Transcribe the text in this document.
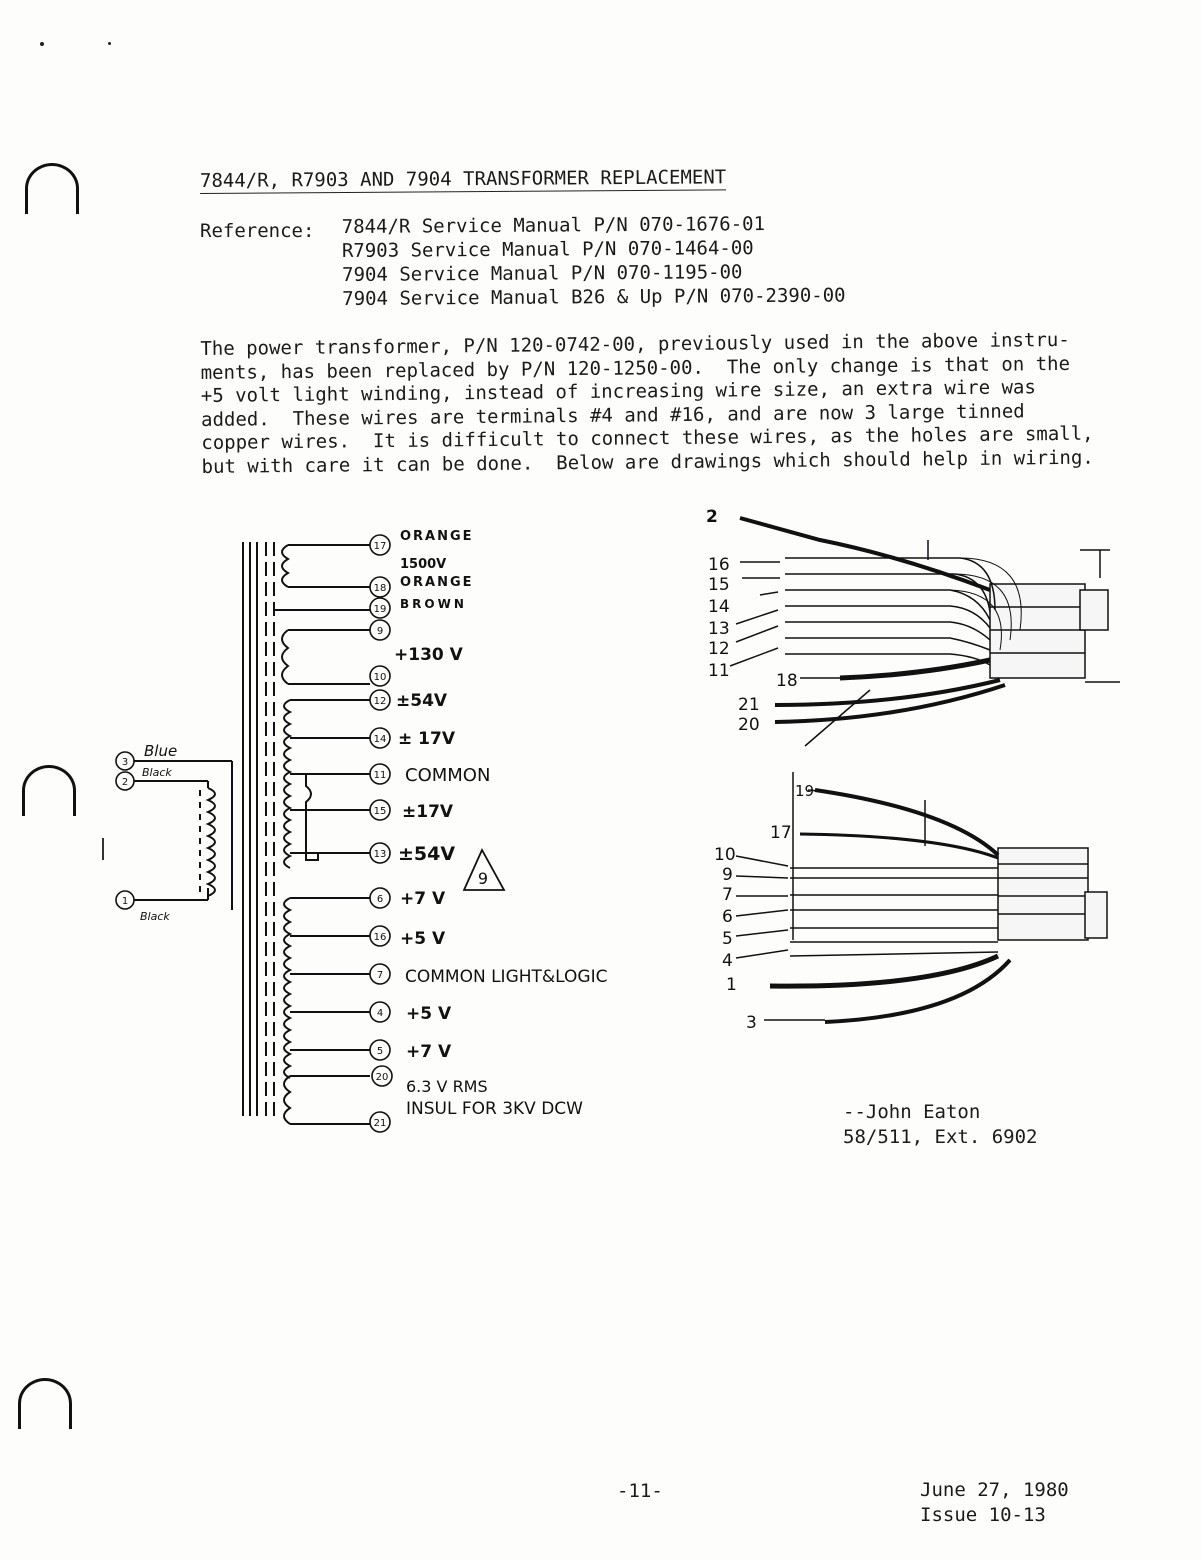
7844/R, R7903 AND 7904 TRANSFORMER REPLACEMENT
Reference: 7844/R Service Manual P/N 070-1676-01
R7903 Service Manual P/N 070-1464-00
7904 Service Manual P/N 070-1195-00
7904 Service Manual B26 & Up P/N 070-2390-00
The power transformer, P/N 120-0742-00, previously used in the above instru-
ments, has been replaced by P/N 120-1250-00.  The only change is that on the
+5 volt light winding, instead of increasing wire size, an extra wire was
added.  These wires are terminals #4 and #16, and are now 3 large tinned
copper wires.  It is difficult to connect these wires, as the holes are small,
but with care it can be done.  Below are drawings which should help in wiring.
17
18
19
9
10
12
14
11
15
13
6
16
7
4
5
20
21
3
2
1
ORANGE
1500V
ORANGE
BROWN
+130 V
±54V
± 17V
COMMON
±17V
±54V
+7 V
+5 V
COMMON LIGHT&LOGIC
+5 V
+7 V
6.3 V RMS
INSUL FOR 3KV DCW
Blue
Black
Black
9
2
16
15
14
13
12
11	18
21
20
19
17
10
9
7
6
5
4
1
3
--John Eaton
58/511, Ext. 6902
-11-	June 27, 1980
Issue 10-13
